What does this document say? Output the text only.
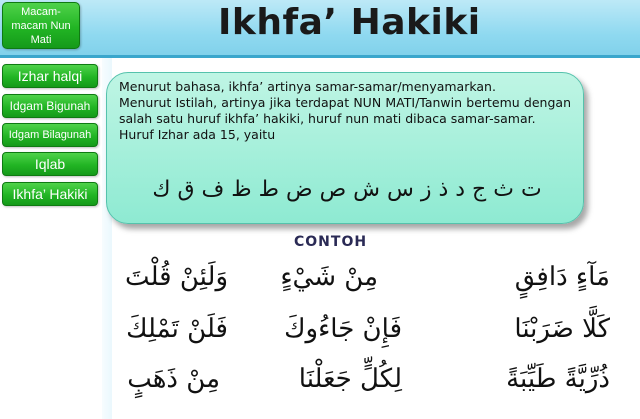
Ikhfa’ Hakiki
Macam-macam Nun Mati
Izhar halqi
Idgam Bigunah
Idgam Bilagunah
Iqlab
Ikhfa’ Hakiki

Menurut bahasa, ikhfa’ artinya samar-samar/menyamarkan.

Menurut Istilah, artinya jika terdapat NUN MATI/Tanwin bertemu dengan salah satu huruf ikhfa’ hakiki, huruf nun mati dibaca samar-samar.

Huruf Izhar ada 15, yaitu

ت ث ج د ذ ز س ش ص ض ط ظ ف ق ك
CONTOH
مَآءٍ دَافِقٍ
مِنْ شَيْءٍ
وَلَئِنْ قُلْتَ
كَلَّا ضَرَبْنَا
فَإِنْ جَاءُوكَ
فَلَنْ تَمْلِكَ
ذُرِّيَّةً طَيِّبَةً
لِكُلٍّ جَعَلْنَا
مِنْ ذَهَبٍ
